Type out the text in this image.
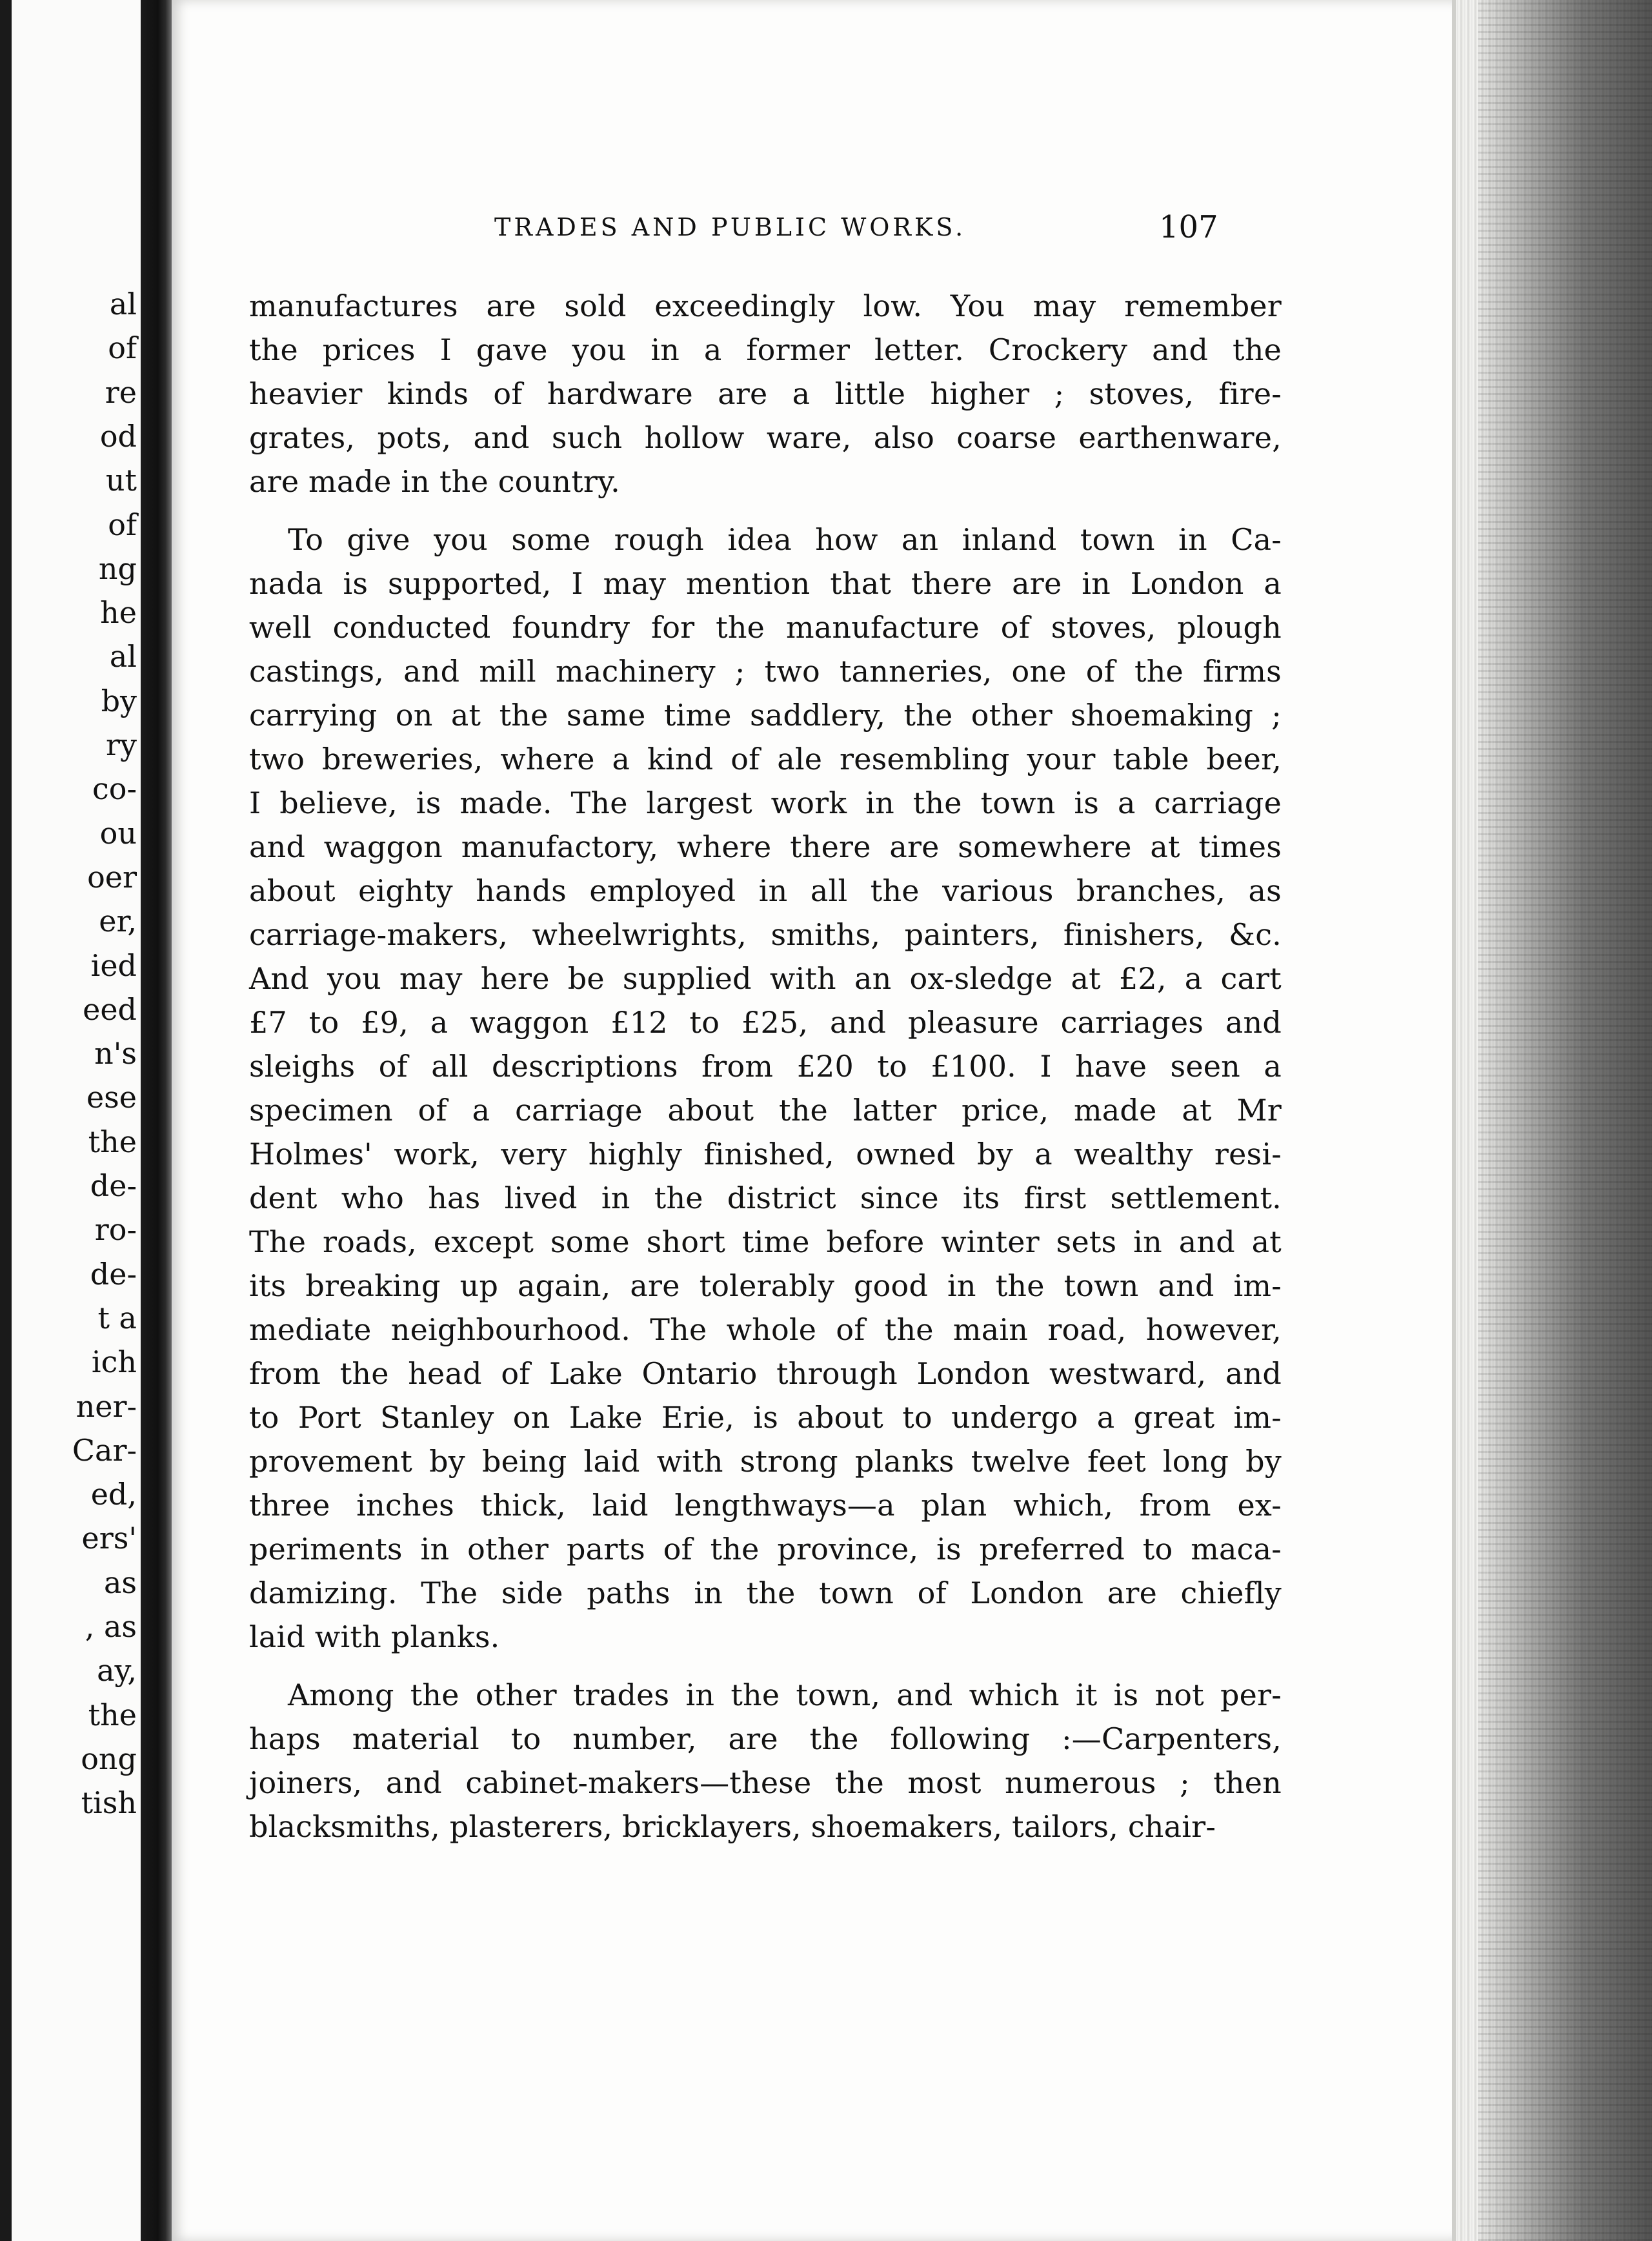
al
of
re
od
ut
of
ng
he
al
by
ry
co-
ou
oer
er,
ied
eed
n's
ese
the
de-
ro-
de-
t a
ich
ner-
Car-
ed,
ers'
as
, as
ay,
the
ong
tish
TRADES AND PUBLIC WORKS.	107
manufactures are sold exceedingly low. You may remember
the prices I gave you in a former letter. Crockery and the
heavier kinds of hardware are a little higher ; stoves, fire-
grates, pots, and such hollow ware, also coarse earthenware,
are made in the country.
To give you some rough idea how an inland town in Ca-
nada is supported, I may mention that there are in London a
well conducted foundry for the manufacture of stoves, plough
castings, and mill machinery ; two tanneries, one of the firms
carrying on at the same time saddlery, the other shoemaking ;
two breweries, where a kind of ale resembling your table beer,
I believe, is made. The largest work in the town is a carriage
and waggon manufactory, where there are somewhere at times
about eighty hands employed in all the various branches, as
carriage-makers, wheelwrights, smiths, painters, finishers, &c.
And you may here be supplied with an ox-sledge at £2, a cart
£7 to £9, a waggon £12 to £25, and pleasure carriages and
sleighs of all descriptions from £20 to £100. I have seen a
specimen of a carriage about the latter price, made at Mr
Holmes' work, very highly finished, owned by a wealthy resi-
dent who has lived in the district since its first settlement.
The roads, except some short time before winter sets in and at
its breaking up again, are tolerably good in the town and im-
mediate neighbourhood. The whole of the main road, however,
from the head of Lake Ontario through London westward, and
to Port Stanley on Lake Erie, is about to undergo a great im-
provement by being laid with strong planks twelve feet long by
three inches thick, laid lengthways—a plan which, from ex-
periments in other parts of the province, is preferred to maca-
damizing. The side paths in the town of London are chiefly
laid with planks.
Among the other trades in the town, and which it is not per-
haps material to number, are the following :—Carpenters,
joiners, and cabinet-makers—these the most numerous ; then
blacksmiths, plasterers, bricklayers, shoemakers, tailors, chair-
